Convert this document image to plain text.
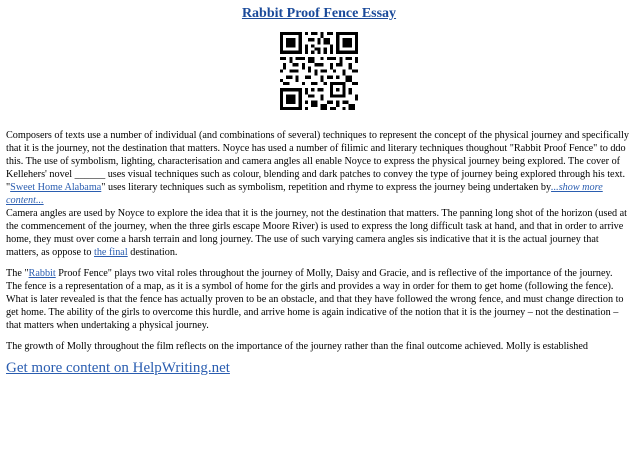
Rabbit Proof Fence Essay

Composers of texts use a number of individual (and combinations of several) techniques to represent the concept of the physical journey and specifically that it is the journey, not the destination that matters. Noyce has used a number of filimic and literary techniques thoughout "Rabbit Proof Fence" to ddo this. The use of symbolism, lighting, characterisation and camera angles all enable Noyce to express the physical journey being explored. The cover of Kellehers' novel ______ uses visual techniques such as colour, blending and dark patches to convey the type of journey being explored through his text. "Sweet Home Alabama" uses literary techniques such as symbolism, repetition and rhyme to express the journey being undertaken by...show more content...

Camera angles are used by Noyce to explore the idea that it is the journey, not the destination that matters. The panning long shot of the horizon (used at the commencement of the journey, when the three girls escape Moore River) is used to express the long difficult task at hand, and that in order to arrive home, they must over come a harsh terrain and long journey. The use of such varying camera angles sis indicative that it is the actual journey that matters, as oppose to the final destination.

The "Rabbit Proof Fence" plays two vital roles throughout the journey of Molly, Daisy and Gracie, and is reflective of the importance of the journey. The fence is a representation of a map, as it is a symbol of home for the girls and provides a way in order for them to get home (following the fence). What is later revealed is that the fence has actually proven to be an obstacle, and that they have followed the wrong fence, and must change direction to get home. The ability of the girls to overcome this hurdle, and arrive home is again indicative of the notion that it is the journey – not the destination – that matters when undertaking a physical journey.

The growth of Molly throughout the film reflects on the importance of the journey rather than the final outcome achieved. Molly is established

Get more content on HelpWriting.net
